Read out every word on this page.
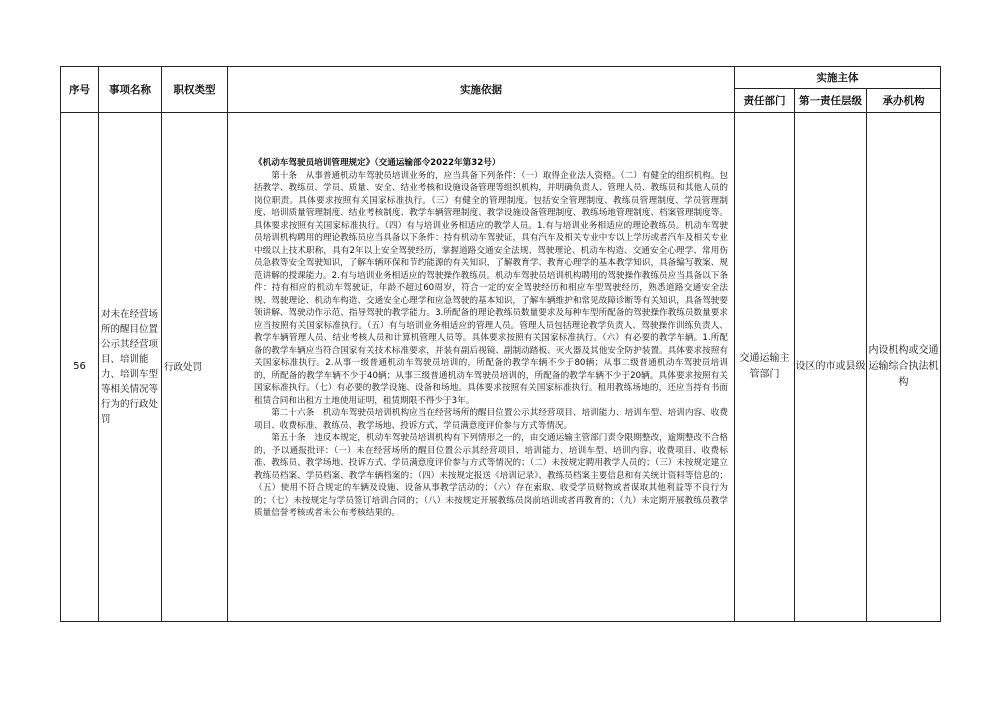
序号	事项名称	职权类型	实施依据	实施主体		
				责任部门	第一责任层级	承办机构
56	对未在经营场所的醒目位置公示其经营项目、培训能力、培训车型等相关情况等行为的行政处罚	行政处罚	《机动车驾驶员培训管理规定》（交通运输部令2022年第32号）

第十条　从事普通机动车驾驶员培训业务的，应当具备下列条件：（一）取得企业法人资格。（二）有健全的组织机构。包括教学、教练员、学员、质量、安全、结业考核和设施设备管理等组织机构，并明确负责人、管理人员、教练员和其他人员的岗位职责。具体要求按照有关国家标准执行。（三）有健全的管理制度。包括安全管理制度、教练员管理制度、学员管理制度、培训质量管理制度、结业考核制度、教学车辆管理制度、教学设施设备管理制度、教练场地管理制度、档案管理制度等。具体要求按照有关国家标准执行。（四）有与培训业务相适应的教学人员。1.有与培训业务相适应的理论教练员。机动车驾驶员培训机构聘用的理论教练员应当具备以下条件：持有机动车驾驶证，具有汽车及相关专业中专以上学历或者汽车及相关专业中级以上技术职称，具有2年以上安全驾驶经历，掌握道路交通安全法规、驾驶理论、机动车构造、交通安全心理学、常用伤员急救等安全驾驶知识，了解车辆环保和节约能源的有关知识，了解教育学、教育心理学的基本教学知识，具备编写教案、规范讲解的授课能力。2.有与培训业务相适应的驾驶操作教练员。机动车驾驶员培训机构聘用的驾驶操作教练员应当具备以下条件：持有相应的机动车驾驶证，年龄不超过60周岁，符合一定的安全驾驶经历和相应车型驾驶经历，熟悉道路交通安全法规、驾驶理论、机动车构造、交通安全心理学和应急驾驶的基本知识，了解车辆维护和常见故障诊断等有关知识，具备驾驶要领讲解、驾驶动作示范、指导驾驶的教学能力。3.所配备的理论教练员数量要求及每种车型所配备的驾驶操作教练员数量要求应当按照有关国家标准执行。（五）有与培训业务相适应的管理人员。管理人员包括理论教学负责人、驾驶操作训练负责人、教学车辆管理人员、结业考核人员和计算机管理人员等。具体要求按照有关国家标准执行。（六）有必要的教学车辆。1.所配备的教学车辆应当符合国家有关技术标准要求，并装有副后视镜、副制动踏板、灭火器及其他安全防护装置。具体要求按照有关国家标准执行。2.从事一级普通机动车驾驶员培训的，所配备的教学车辆不少于80辆；从事二级普通机动车驾驶员培训的，所配备的教学车辆不少于40辆；从事三级普通机动车驾驶员培训的，所配备的教学车辆不少于20辆。具体要求按照有关国家标准执行。（七）有必要的教学设施、设备和场地。具体要求按照有关国家标准执行。租用教练场地的，还应当持有书面租赁合同和出租方土地使用证明，租赁期限不得少于3年。

第二十六条　机动车驾驶员培训机构应当在经营场所的醒目位置公示其经营项目、培训能力、培训车型、培训内容、收费项目、收费标准、教练员、教学场地、投诉方式、学员满意度评价参与方式等情况。

第五十条　违反本规定，机动车驾驶员培训机构有下列情形之一的，由交通运输主管部门责令限期整改，逾期整改不合格的，予以通报批评：（一）未在经营场所的醒目位置公示其经营项目、培训能力、培训车型、培训内容、收费项目、收费标准、教练员、教学场地、投诉方式、学员满意度评价参与方式等情况的；（二）未按规定聘用教学人员的；（三）未按规定建立教练员档案、学员档案、教学车辆档案的；（四）未按规定报送《培训记录》、教练员档案主要信息和有关统计资料等信息的；（五）使用不符合规定的车辆及设施、设备从事教学活动的；（六）存在索取、收受学员财物或者谋取其他利益等不良行为的；（七）未按规定与学员签订培训合同的；（八）未按规定开展教练员岗前培训或者再教育的；（九）未定期开展教练员教学质量信誉考核或者未公布考核结果的。	交通运输主管部门	设区的市或县级	内设机构或交通运输综合执法机构
